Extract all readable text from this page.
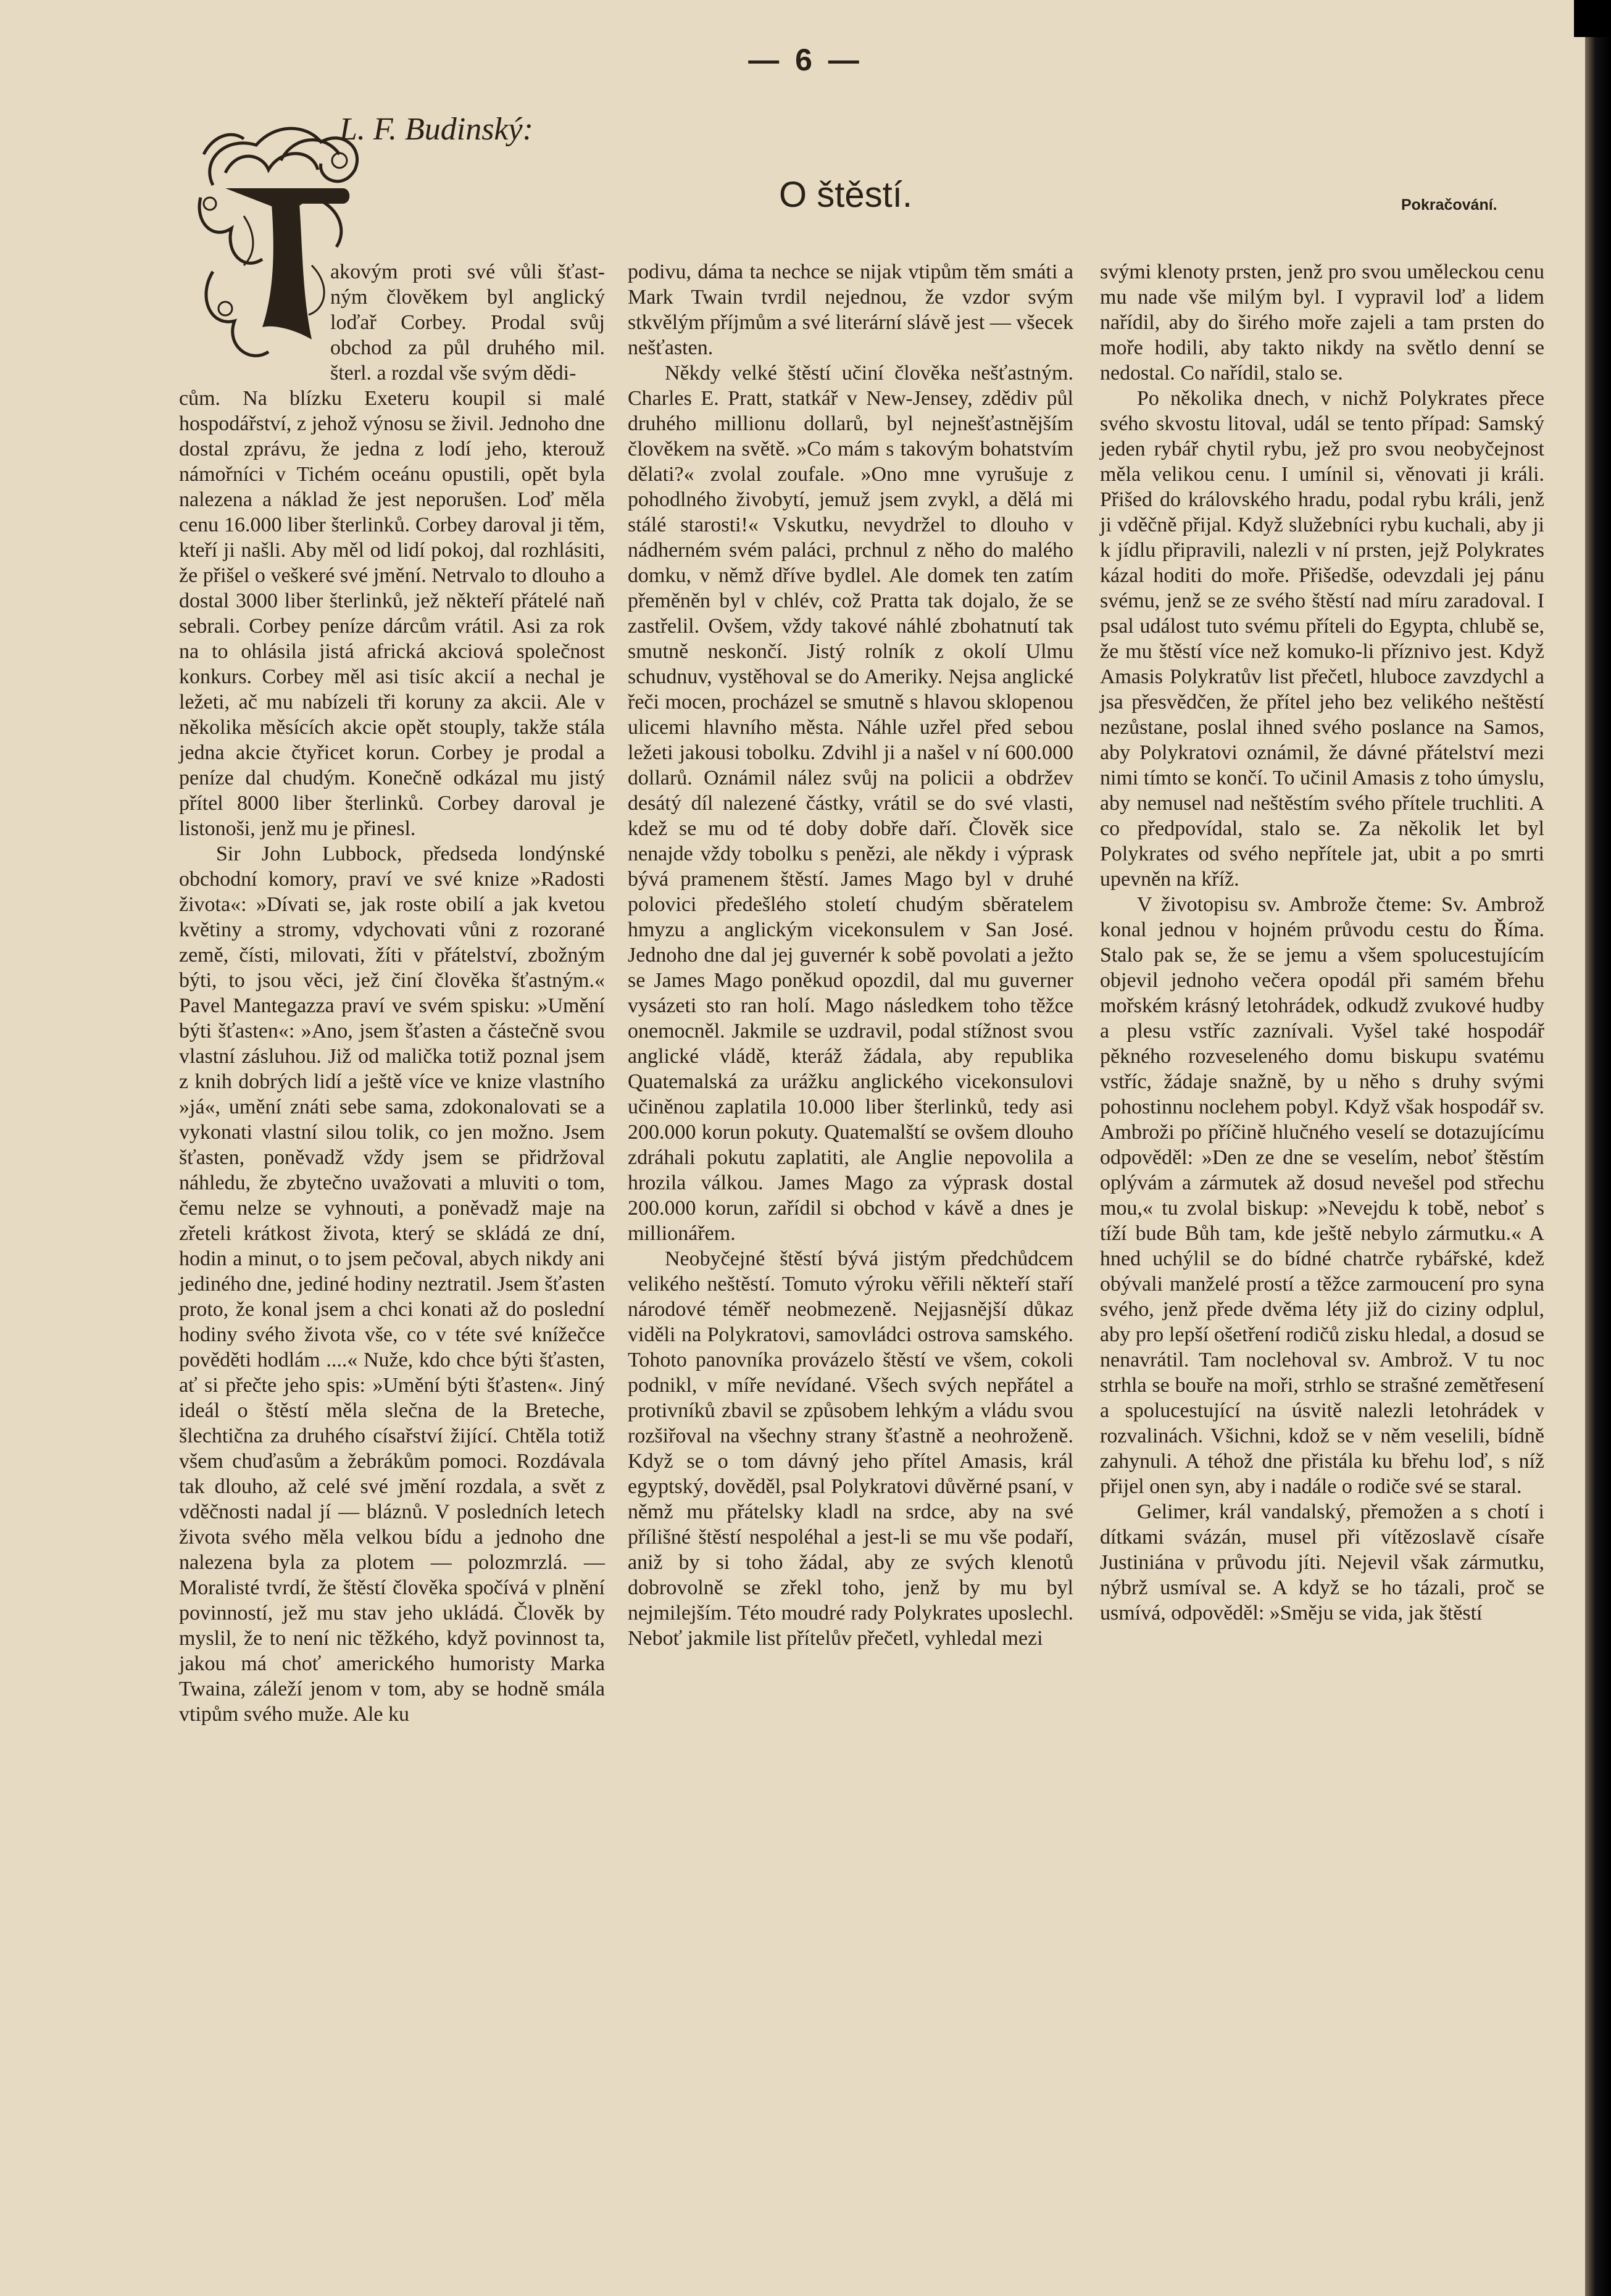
— 6 —
L. F. Budinský:
O štěstí.	Pokračování.

akovým proti své vůli šťast- ným člověkem byl anglický loďař Corbey. Prodal svůj obchod za půl druhého mil. šterl. a rozdal vše svým dědi-

cům. Na blízku Exeteru koupil si malé hospodářství, z jehož výnosu se živil. Jednoho dne dostal zprávu, že jedna z lodí jeho, kterouž námořníci v Tichém oceánu opustili, opět byla nalezena a náklad že jest neporušen. Loď měla cenu 16.000 liber šterlinků. Corbey daroval ji těm, kteří ji našli. Aby měl od lidí pokoj, dal rozhlásiti, že přišel o veškeré své jmění. Netrvalo to dlouho a dostal 3000 liber šterlinků, jež někteří přátelé naň sebrali. Corbey peníze dárcům vrátil. Asi za rok na to ohlásila jistá africká akciová společnost konkurs. Corbey měl asi tisíc akcií a nechal je ležeti, ač mu nabízeli tři koruny za akcii. Ale v několika měsících akcie opět stouply, takže stála jedna akcie čtyřicet korun. Corbey je prodal a peníze dal chudým. Konečně odkázal mu jistý přítel 8000 liber šterlinků. Corbey daroval je listonoši, jenž mu je přinesl.

Sir John Lubbock, předseda londýnské obchodní komory, praví ve své knize »Radosti života«: »Dívati se, jak roste obilí a jak kvetou květiny a stromy, vdychovati vůni z rozorané země, čísti, milovati, žíti v přátelství, zbožným býti, to jsou věci, jež činí člověka šťastným.« Pavel Mantegazza praví ve svém spisku: »Umění býti šťasten«: »Ano, jsem šťasten a částečně svou vlastní zásluhou. Již od malička totiž poznal jsem z knih dobrých lidí a ještě více ve knize vlastního »já«, umění znáti sebe sama, zdokonalovati se a vykonati vlastní silou tolik, co jen možno. Jsem šťasten, poněvadž vždy jsem se přidržoval náhledu, že zbytečno uvažovati a mluviti o tom, čemu nelze se vyhnouti, a poněvadž maje na zřeteli krátkost života, který se skládá ze dní, hodin a minut, o to jsem pečoval, abych nikdy ani jediného dne, jediné hodiny neztratil. Jsem šťasten proto, že konal jsem a chci konati až do poslední hodiny svého života vše, co v téte své knížečce pověděti hodlám ....« Nuže, kdo chce býti šťasten, ať si přečte jeho spis: »Umění býti šťasten«. Jiný ideál o štěstí měla slečna de la Breteche, šlechtična za druhého císařství žijící. Chtěla totiž všem chuďasům a žebrákům pomoci. Rozdávala tak dlouho, až celé své jmění rozdala, a svět z vděčnosti nadal jí — bláznů. V posledních letech života svého měla velkou bídu a jednoho dne nalezena byla za plotem — polozmrzlá. — Moralisté tvrdí, že štěstí člověka spočívá v plnění povinností, jež mu stav jeho ukládá. Člověk by myslil, že to není nic těžkého, když povinnost ta, jakou má choť amerického humoristy Marka Twaina, záleží jenom v tom, aby se hodně smála vtipům svého muže. Ale ku

podivu, dáma ta nechce se nijak vtipům těm smáti a Mark Twain tvrdil nejednou, že vzdor svým stkvělým příjmům a své literární slávě jest — všecek nešťasten.

Někdy velké štěstí učiní člověka nešťastným. Charles E. Pratt, statkář v New-Jensey, zdědiv půl druhého millionu dollarů, byl nejnešťastnějším člověkem na světě. »Co mám s takovým bohatstvím dělati?« zvolal zoufale. »Ono mne vyrušuje z pohodlného živobytí, jemuž jsem zvykl, a dělá mi stálé starosti!« Vskutku, nevydržel to dlouho v nádherném svém paláci, prchnul z něho do malého domku, v němž dříve bydlel. Ale domek ten zatím přeměněn byl v chlév, což Pratta tak dojalo, že se zastřelil. Ovšem, vždy takové náhlé zbohatnutí tak smutně neskončí. Jistý rolník z okolí Ulmu schudnuv, vystěhoval se do Ameriky. Nejsa anglické řeči mocen, procházel se smutně s hlavou sklopenou ulicemi hlavního města. Náhle uzřel před sebou ležeti jakousi tobolku. Zdvihl ji a našel v ní 600.000 dollarů. Oznámil nález svůj na policii a obdržev desátý díl nalezené částky, vrátil se do své vlasti, kdež se mu od té doby dobře daří. Člověk sice nenajde vždy tobolku s penězi, ale někdy i výprask bývá pramenem štěstí. James Mago byl v druhé polovici předešlého století chudým sběratelem hmyzu a anglickým vicekonsulem v San José. Jednoho dne dal jej guvernér k sobě povolati a ježto se James Mago poněkud opozdil, dal mu guverner vysázeti sto ran holí. Mago následkem toho těžce onemocněl. Jakmile se uzdravil, podal stížnost svou anglické vládě, kteráž žádala, aby republika Quatemalská za urážku anglického vicekonsulovi učiněnou zaplatila 10.000 liber šterlinků, tedy asi 200.000 korun pokuty. Quatemalští se ovšem dlouho zdráhali pokutu zaplatiti, ale Anglie nepovolila a hrozila válkou. James Mago za výprask dostal 200.000 korun, zařídil si obchod v kávě a dnes je millionářem.

Neobyčejné štěstí bývá jistým předchůdcem velikého neštěstí. Tomuto výroku věřili někteří staří národové téměř neobmezeně. Nejjasnější důkaz viděli na Polykratovi, samovládci ostrova samského. Tohoto panovníka provázelo štěstí ve všem, cokoli podnikl, v míře nevídané. Všech svých nepřátel a protivníků zbavil se způsobem lehkým a vládu svou rozšiřoval na všechny strany šťastně a neohroženě. Když se o tom dávný jeho přítel Amasis, král egyptský, dověděl, psal Polykratovi důvěrné psaní, v němž mu přátelsky kladl na srdce, aby na své přílišné štěstí nespoléhal a jest-li se mu vše podaří, aniž by si toho žádal, aby ze svých klenotů dobrovolně se zřekl toho, jenž by mu byl nejmilejším. Této moudré rady Polykrates uposlechl. Neboť jakmile list přítelův přečetl, vyhledal mezi

svými klenoty prsten, jenž pro svou uměleckou cenu mu nade vše milým byl. I vypravil loď a lidem nařídil, aby do širého moře zajeli a tam prsten do moře hodili, aby takto nikdy na světlo denní se nedostal. Co nařídil, stalo se.

Po několika dnech, v nichž Polykrates přece svého skvostu litoval, udál se tento případ: Samský jeden rybář chytil rybu, jež pro svou neobyčejnost měla velikou cenu. I umínil si, věnovati ji králi. Přišed do královského hradu, podal rybu králi, jenž ji vděčně přijal. Když služebníci rybu kuchali, aby ji k jídlu připravili, nalezli v ní prsten, jejž Polykrates kázal hoditi do moře. Přišedše, odevzdali jej pánu svému, jenž se ze svého štěstí nad míru zaradoval. I psal událost tuto svému příteli do Egypta, chlubě se, že mu štěstí více než komuko-li příznivo jest. Když Amasis Polykratův list přečetl, hluboce zavzdychl a jsa přesvědčen, že přítel jeho bez velikého neštěstí nezůstane, poslal ihned svého poslance na Samos, aby Polykratovi oznámil, že dávné přátelství mezi nimi tímto se končí. To učinil Amasis z toho úmyslu, aby nemusel nad neštěstím svého přítele truchliti. A co předpovídal, stalo se. Za několik let byl Polykrates od svého nepřítele jat, ubit a po smrti upevněn na kříž.

V životopisu sv. Ambrože čteme: Sv. Ambrož konal jednou v hojném průvodu cestu do Říma. Stalo pak se, že se jemu a všem spolucestujícím objevil jednoho večera opodál při samém břehu mořském krásný letohrádek, odkudž zvukové hudby a plesu vstříc zaznívali. Vyšel také hospodář pěkného rozveseleného domu biskupu svatému vstříc, žádaje snažně, by u něho s druhy svými pohostinnu noclehem pobyl. Když však hospodář sv. Ambroži po příčině hlučného veselí se dotazujícímu odpověděl: »Den ze dne se veselím, neboť štěstím oplývám a zármutek až dosud nevešel pod střechu mou,« tu zvolal biskup: »Nevejdu k tobě, neboť s tíží bude Bůh tam, kde ještě nebylo zármutku.« A hned uchýlil se do bídné chatrče rybářské, kdež obývali manželé prostí a těžce zarmoucení pro syna svého, jenž přede dvěma léty již do ciziny odplul, aby pro lepší ošetření rodičů zisku hledal, a dosud se nenavrátil. Tam noclehoval sv. Ambrož. V tu noc strhla se bouře na moři, strhlo se strašné zemětřesení a spolucestující na úsvitě nalezli letohrádek v rozvalinách. Všichni, kdož se v něm veselili, bídně zahynuli. A téhož dne přistála ku břehu loď, s níž přijel onen syn, aby i nadále o rodiče své se staral.

Gelimer, král vandalský, přemožen a s chotí i dítkami svázán, musel při vítězoslavě císaře Justiniána v průvodu jíti. Nejevil však zármutku, nýbrž usmíval se. A když se ho tázali, proč se usmívá, odpověděl: »Směju se vida, jak štěstí
